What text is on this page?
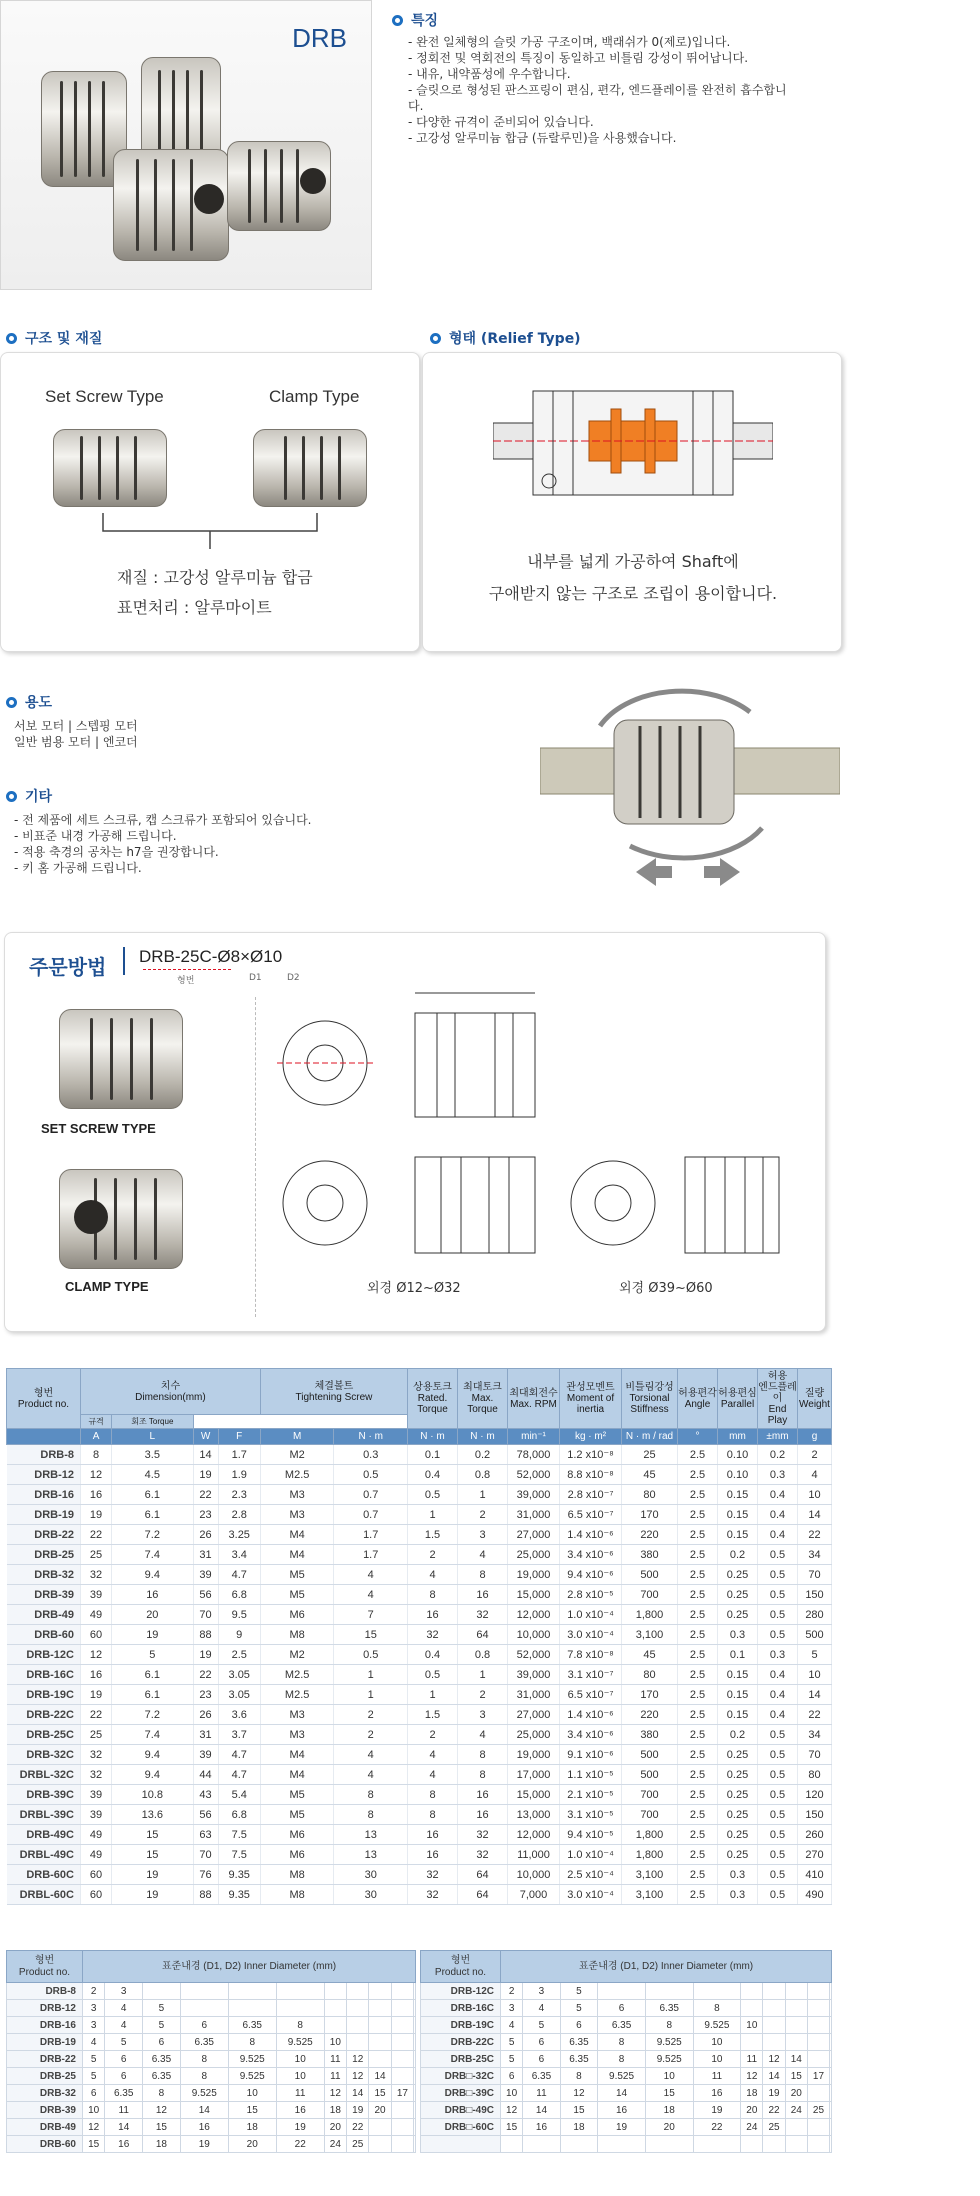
DRB
특징
- 완전 일체형의 슬릿 가공 구조이며, 백래쉬가 0(제로)입니다.
- 정회전 및 역회전의 특징이 동일하고 비틀림 강성이 뛰어납니다.
- 내유, 내약품성에 우수합니다.
- 슬릿으로 형성된 판스프링이 편심, 편각, 엔드플레이를 완전히 흡수합니
다.
- 다양한 규격이 준비되어 있습니다.
- 고강성 알루미늄 합금 (듀랄루민)을 사용했습니다.
구조 및 재질	형태 (Relief Type)
Set Screw Type	Clamp Type
재질 : 고강성 알루미늄 합금
표면처리 : 알루마이트
내부를 넓게 가공하여 Shaft에
구애받지 않는 구조로 조립이 용이합니다.
용도
서보 모터 | 스텝핑 모터
일반 범용 모터 | 엔코더
기타
- 전 제품에 세트 스크류, 캡 스크류가 포함되어 있습니다.
- 비표준 내경 가공해 드립니다.
- 적용 축경의 공차는 h7을 권장합니다.
- 키 홈 가공해 드립니다.
주문방법 DRB-25C-Ø8×Ø10
형번	D1	D2
SET SCREW TYPE
CLAMP TYPE	외경 Ø12~Ø32	외경 Ø39~Ø60
형번
Product no.	치수
Dimension(mm)				체결볼트
Tightening Screw		상용토크
Rated. Torque	최대토크
Max. Torque	최대회전수
Max. RPM	관성모멘트
Moment of inertia	비틀림강성
Torsional Stiffness	허용편각
Angle	허용편심
Parallel	허용
엔드플레이
End Play	질량
Weight
	규격	회조 Torque													
	A	L	W	F	M	N · m	N · m	N · m	min⁻¹	kg · m²	N · m / rad	°	mm	±mm	g
DRB-8	8	3.5	14	1.7	M2	0.3	0.1	0.2	78,000	1.2 x10⁻⁸	25	2.5	0.10	0.2	2
DRB-12	12	4.5	19	1.9	M2.5	0.5	0.4	0.8	52,000	8.8 x10⁻⁸	45	2.5	0.10	0.3	4
DRB-16	16	6.1	22	2.3	M3	0.7	0.5	1	39,000	2.8 x10⁻⁷	80	2.5	0.15	0.4	10
DRB-19	19	6.1	23	2.8	M3	0.7	1	2	31,000	6.5 x10⁻⁷	170	2.5	0.15	0.4	14
DRB-22	22	7.2	26	3.25	M4	1.7	1.5	3	27,000	1.4 x10⁻⁶	220	2.5	0.15	0.4	22
DRB-25	25	7.4	31	3.4	M4	1.7	2	4	25,000	3.4 x10⁻⁶	380	2.5	0.2	0.5	34
DRB-32	32	9.4	39	4.7	M5	4	4	8	19,000	9.4 x10⁻⁶	500	2.5	0.25	0.5	70
DRB-39	39	16	56	6.8	M5	4	8	16	15,000	2.8 x10⁻⁵	700	2.5	0.25	0.5	150
DRB-49	49	20	70	9.5	M6	7	16	32	12,000	1.0 x10⁻⁴	1,800	2.5	0.25	0.5	280
DRB-60	60	19	88	9	M8	15	32	64	10,000	3.0 x10⁻⁴	3,100	2.5	0.3	0.5	500
DRB-12C	12	5	19	2.5	M2	0.5	0.4	0.8	52,000	7.8 x10⁻⁸	45	2.5	0.1	0.3	5
DRB-16C	16	6.1	22	3.05	M2.5	1	0.5	1	39,000	3.1 x10⁻⁷	80	2.5	0.15	0.4	10
DRB-19C	19	6.1	23	3.05	M2.5	1	1	2	31,000	6.5 x10⁻⁷	170	2.5	0.15	0.4	14
DRB-22C	22	7.2	26	3.6	M3	2	1.5	3	27,000	1.4 x10⁻⁶	220	2.5	0.15	0.4	22
DRB-25C	25	7.4	31	3.7	M3	2	2	4	25,000	3.4 x10⁻⁶	380	2.5	0.2	0.5	34
DRB-32C	32	9.4	39	4.7	M4	4	4	8	19,000	9.1 x10⁻⁶	500	2.5	0.25	0.5	70
DRBL-32C	32	9.4	44	4.7	M4	4	4	8	17,000	1.1 x10⁻⁵	500	2.5	0.25	0.5	80
DRB-39C	39	10.8	43	5.4	M5	8	8	16	15,000	2.1 x10⁻⁵	700	2.5	0.25	0.5	120
DRBL-39C	39	13.6	56	6.8	M5	8	8	16	13,000	3.1 x10⁻⁵	700	2.5	0.25	0.5	150
DRB-49C	49	15	63	7.5	M6	13	16	32	12,000	9.4 x10⁻⁵	1,800	2.5	0.25	0.5	260
DRBL-49C	49	15	70	7.5	M6	13	16	32	11,000	1.0 x10⁻⁴	1,800	2.5	0.25	0.5	270
DRB-60C	60	19	76	9.35	M8	30	32	64	10,000	2.5 x10⁻⁴	3,100	2.5	0.3	0.5	410
DRBL-60C	60	19	88	9.35	M8	30	32	64	7,000	3.0 x10⁻⁴	3,100	2.5	0.3	0.5	490
형번
Product no.	표준내경 (D1, D2) Inner Diameter (mm)										
DRB-8	2	3									
DRB-12	3	4	5								
DRB-16	3	4	5	6	6.35	8					
DRB-19	4	5	6	6.35	8	9.525	10				
DRB-22	5	6	6.35	8	9.525	10	11	12			
DRB-25	5	6	6.35	8	9.525	10	11	12	14		
DRB-32	6	6.35	8	9.525	10	11	12	14	15	17	
DRB-39	10	11	12	14	15	16	18	19	20		
DRB-49	12	14	15	16	18	19	20	22			
DRB-60	15	16	18	19	20	22	24	25			
형번
Product no.	표준내경 (D1, D2) Inner Diameter (mm)										
DRB-12C	2	3	5								
DRB-16C	3	4	5	6	6.35	8					
DRB-19C	4	5	6	6.35	8	9.525	10				
DRB-22C	5	6	6.35	8	9.525	10					
DRB-25C	5	6	6.35	8	9.525	10	11	12	14		
DRB□-32C	6	6.35	8	9.525	10	11	12	14	15	17	
DRB□-39C	10	11	12	14	15	16	18	19	20		
DRB□-49C	12	14	15	16	18	19	20	22	24	25	
DRB□-60C	15	16	18	19	20	22	24	25			
